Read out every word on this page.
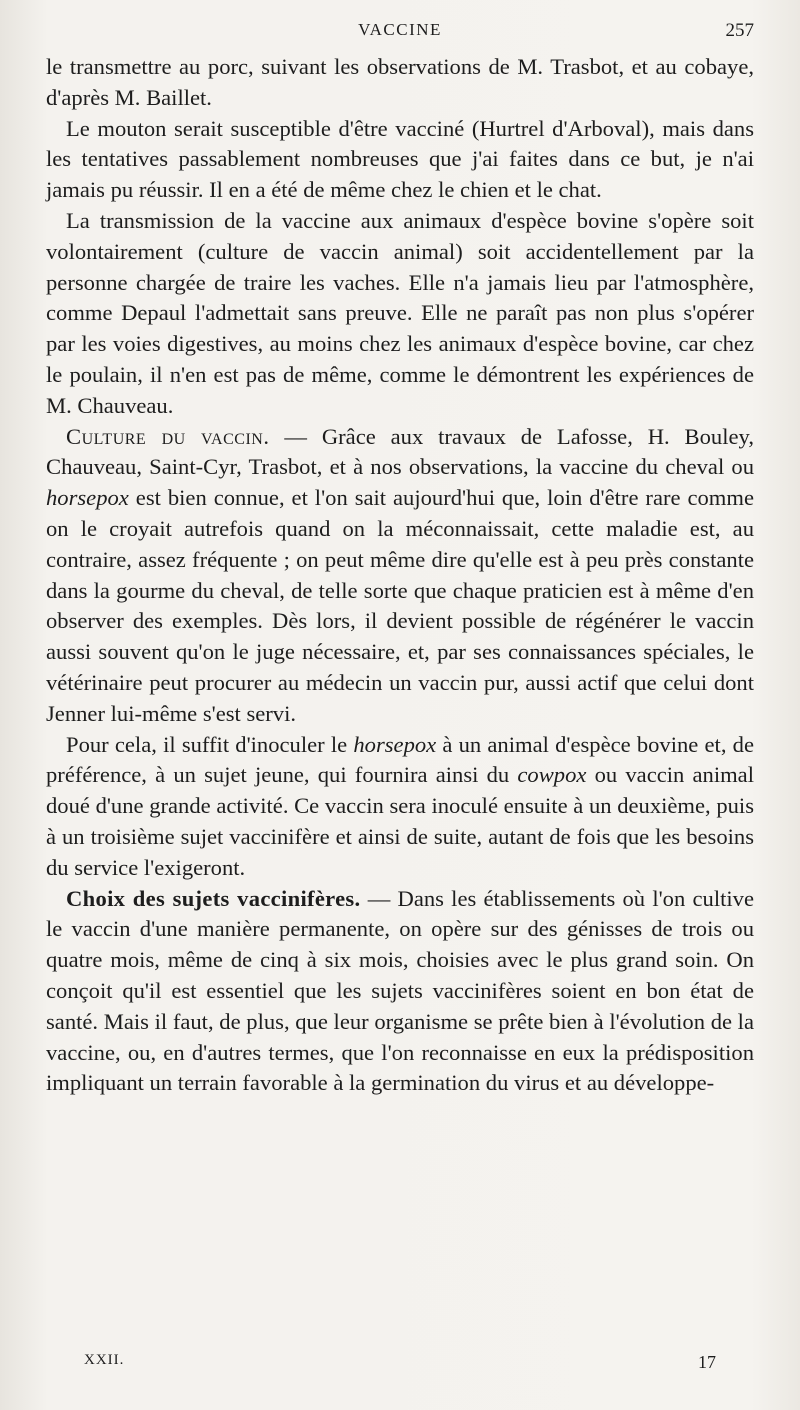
VACCINE	257

le transmettre au porc, suivant les observations de M. Trasbot, et au cobaye, d'après M. Baillet.

Le mouton serait susceptible d'être vacciné (Hurtrel d'Arboval), mais dans les tentatives passablement nombreuses que j'ai faites dans ce but, je n'ai jamais pu réussir. Il en a été de même chez le chien et le chat.

La transmission de la vaccine aux animaux d'espèce bovine s'opère soit volontairement (culture de vaccin animal) soit accidentellement par la personne chargée de traire les vaches. Elle n'a jamais lieu par l'atmosphère, comme Depaul l'admettait sans preuve. Elle ne paraît pas non plus s'opérer par les voies digestives, au moins chez les animaux d'espèce bovine, car chez le poulain, il n'en est pas de même, comme le démontrent les expériences de M. Chauveau.

Culture du vaccin. — Grâce aux travaux de Lafosse, H. Bouley, Chauveau, Saint-Cyr, Trasbot, et à nos observations, la vaccine du cheval ou horsepox est bien connue, et l'on sait aujourd'hui que, loin d'être rare comme on le croyait autrefois quand on la méconnaissait, cette maladie est, au contraire, assez fréquente ; on peut même dire qu'elle est à peu près constante dans la gourme du cheval, de telle sorte que chaque praticien est à même d'en observer des exemples. Dès lors, il devient possible de régénérer le vaccin aussi souvent qu'on le juge nécessaire, et, par ses connaissances spéciales, le vétérinaire peut procurer au médecin un vaccin pur, aussi actif que celui dont Jenner lui-même s'est servi.

Pour cela, il suffit d'inoculer le horsepox à un animal d'espèce bovine et, de préférence, à un sujet jeune, qui fournira ainsi du cowpox ou vaccin animal doué d'une grande activité. Ce vaccin sera inoculé ensuite à un deuxième, puis à un troisième sujet vaccinifère et ainsi de suite, autant de fois que les besoins du service l'exigeront.

Choix des sujets vaccinifères. — Dans les établissements où l'on cultive le vaccin d'une manière permanente, on opère sur des génisses de trois ou quatre mois, même de cinq à six mois, choisies avec le plus grand soin. On conçoit qu'il est essentiel que les sujets vaccinifères soient en bon état de santé. Mais il faut, de plus, que leur organisme se prête bien à l'évolution de la vaccine, ou, en d'autres termes, que l'on reconnaisse en eux la prédisposition impliquant un terrain favorable à la germination du virus et au développe-

XXII.	17
